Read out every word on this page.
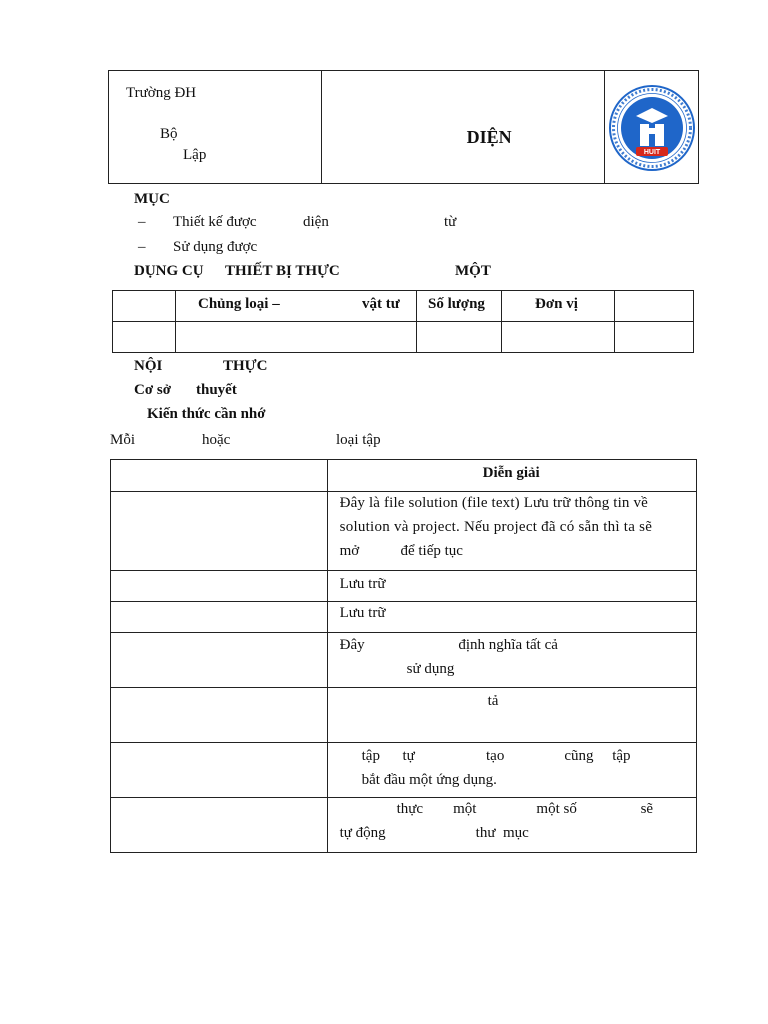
Trường ĐH
Bộ
Lập

DIỆN

HUIT
MỤC
– Thiết kế được	diện	từ
– Sử dụng được
DỤNG CỤ THIẾT BỊ THỰC	MỘT

	Chủng loại – vật tư	Số lượng	Đơn vị	

NỘI	THỰC
Cơ sở thuyết
Kiến thức cần nhớ
Mỗi	hoặc	loại tập

	Diễn giải

	Đây là file solution (file text) Lưu trữ thông tin về
solution và project. Nếu project đã có sẵn thì ta sẽ
mở           để tiếp tục

	Lưu trữ

	Lưu trữ

	Đây                         định nghĩa tất cả
sử dụng

	tả

	tập      tự                   tạo                cũng     tập
bắt đầu một ứng dụng.

	thực        một                một số                 sẽ
tự động                        thư  mục
